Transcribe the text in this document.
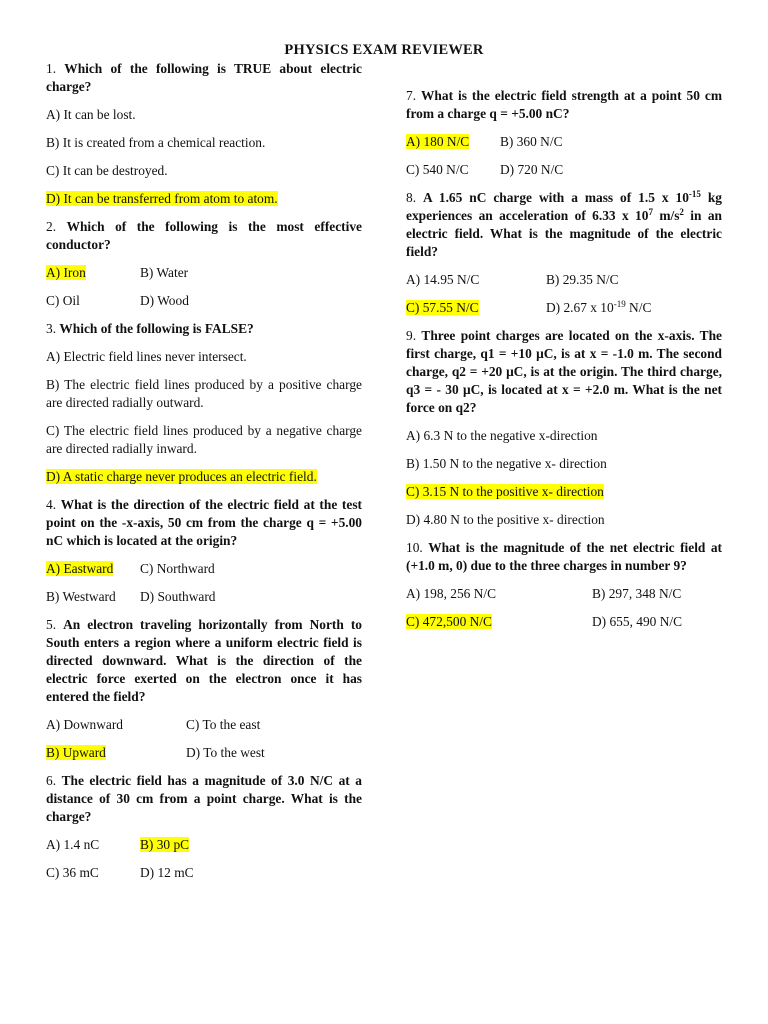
PHYSICS EXAM REVIEWER

1. Which of the following is TRUE about electric charge?

A) It can be lost.

B) It is created from a chemical reaction.

C) It can be destroyed.

D) It can be transferred from atom to atom.

2. Which of the following is the most effective conductor?

A) Iron	B) Water
C) Oil	D) Wood

3. Which of the following is FALSE?

A) Electric field lines never intersect.

B) The electric field lines produced by a positive charge are directed radially outward.

C) The electric field lines produced by a negative charge are directed radially inward.

D) A static charge never produces an electric field.

4. What is the direction of the electric field at the test point on the -x-axis, 50 cm from the charge q = +5.00 nC which is located at the origin?

A) Eastward	C) Northward
B) Westward	D) Southward

5. An electron traveling horizontally from North to South enters a region where a uniform electric field is directed downward. What is the direction of the electric force exerted on the electron once it has entered the field?

A) Downward	C) To the east
B) Upward	D) To the west

6. The electric field has a magnitude of 3.0 N/C at a distance of 30 cm from a point charge. What is the charge?

A) 1.4 nC	B) 30 pC
C) 36 mC	D) 12 mC

7. What is the electric field strength at a point 50 cm from a charge q = +5.00 nC?

A) 180 N/C	B) 360 N/C
C) 540 N/C	D) 720 N/C

8. A 1.65 nC charge with a mass of 1.5 x $10^{-15}$ kg experiences an acceleration of 6.33 x $10^7$ $m/s^2$ in an electric field. What is the magnitude of the electric field?

A) 14.95 N/C	B) 29.35 N/C
C) 57.55 N/C	D) 2.67 x $10^{-19}$ N/C

9. Three point charges are located on the x-axis. The first charge, q1 = +10 μC, is at x = -1.0 m. The second charge, q2 = +20 μC, is at the origin. The third charge, q3 = - 30 μC, is located at x = +2.0 m. What is the net force on q2?

A) 6.3 N to the negative x-direction

B) 1.50 N to the negative x- direction

C) 3.15 N to the positive x- direction

D) 4.80 N to the positive x- direction

10. What is the magnitude of the net electric field at (+1.0 m, 0) due to the three charges in number 9?

A) 198, 256 N/C	B) 297, 348 N/C
C) 472,500 N/C	D) 655, 490 N/C
